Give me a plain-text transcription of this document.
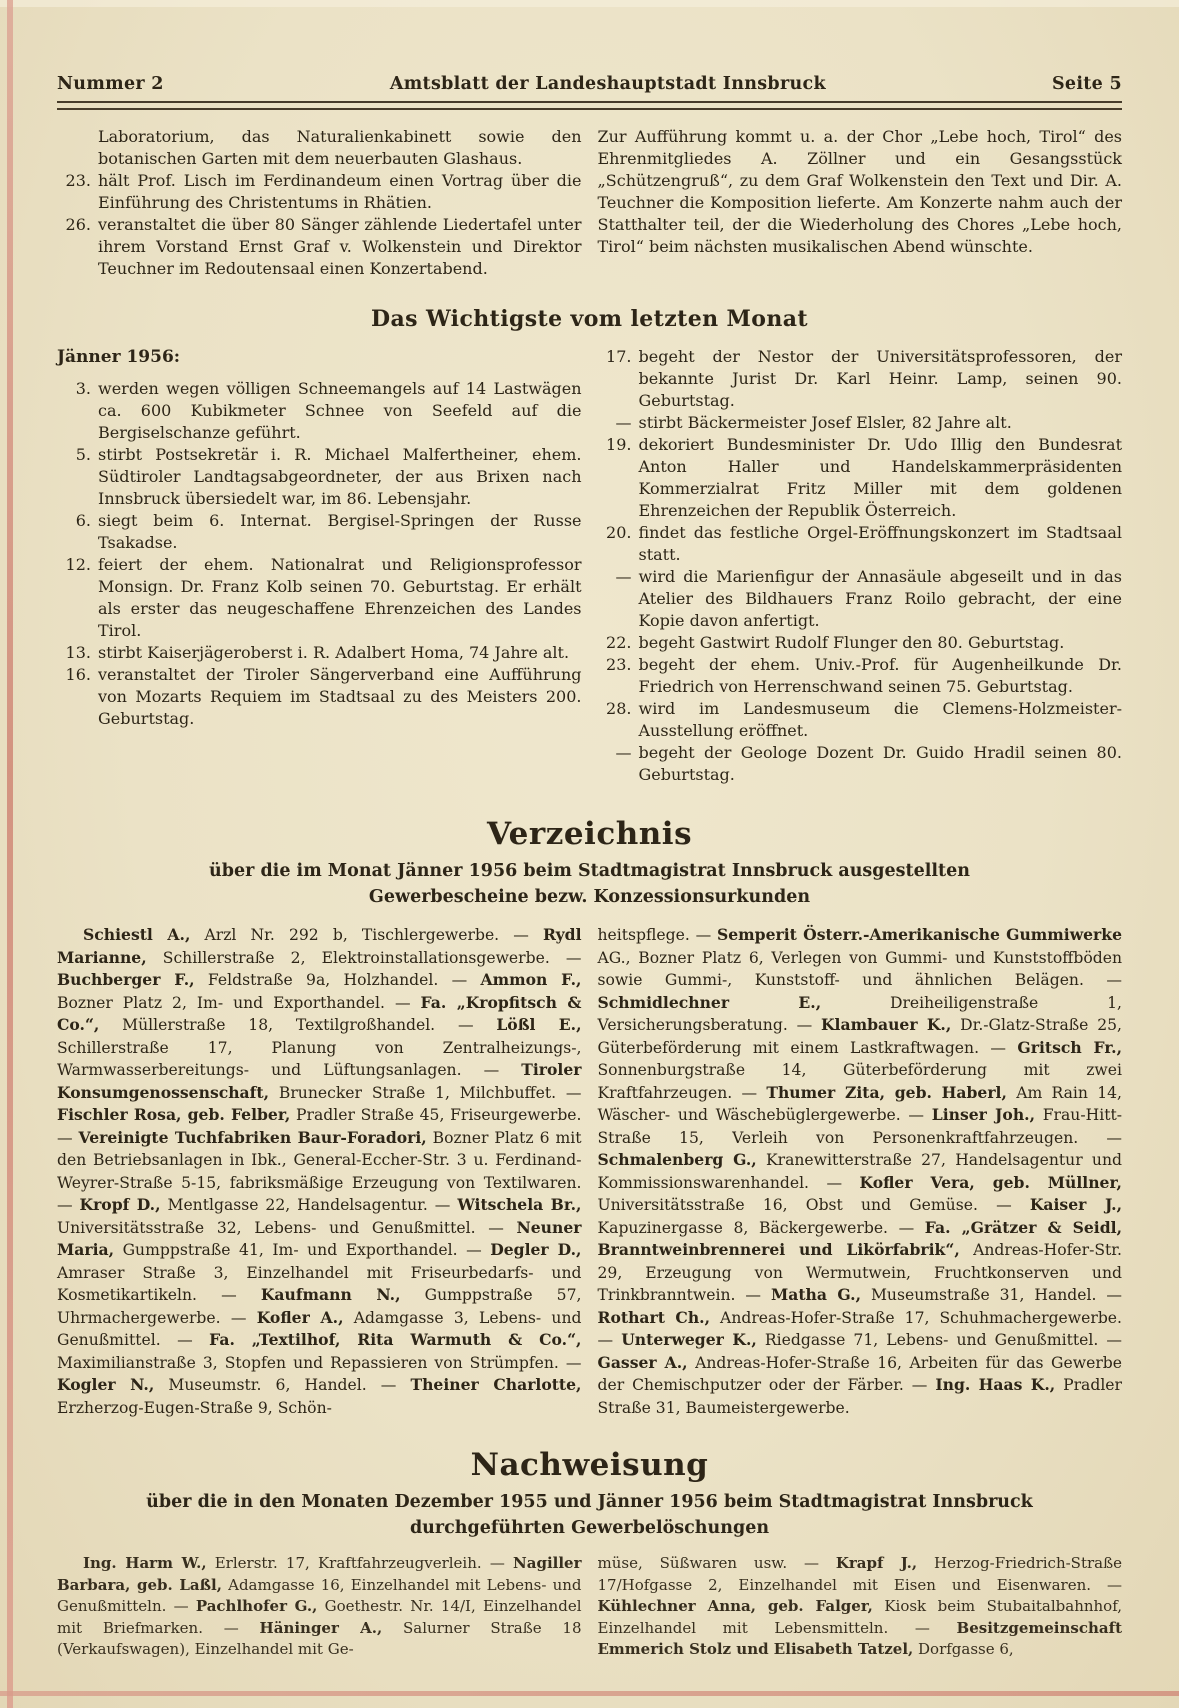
Nummer 2	Amtsblatt der Landeshauptstadt Innsbruck	Seite 5

Laboratorium, das Naturalienkabinett sowie den botanischen Garten mit dem neuerbauten Glashaus.

23. hält Prof. Lisch im Ferdinandeum einen Vortrag über die Einführung des Christentums in Rhätien.

26. veranstaltet die über 80 Sänger zählende Liedertafel unter ihrem Vorstand Ernst Graf v. Wolkenstein und Direktor Teuchner im Redoutensaal einen Konzertabend.

Zur Aufführung kommt u. a. der Chor „Lebe hoch, Tirol“ des Ehrenmitgliedes A. Zöllner und ein Gesangsstück „Schützengruß“, zu dem Graf Wolkenstein den Text und Dir. A. Teuchner die Komposition lieferte. Am Konzerte nahm auch der Statthalter teil, der die Wiederholung des Chores „Lebe hoch, Tirol“ beim nächsten musikalischen Abend wünschte.

Das Wichtigste vom letzten Monat
Jänner 1956:
3. werden wegen völligen Schneemangels auf 14 Lastwägen ca. 600 Kubikmeter Schnee von Seefeld auf die Bergiselschanze geführt.

5. stirbt Postsekretär i. R. Michael Malfertheiner, ehem. Südtiroler Landtagsabgeordneter, der aus Brixen nach Innsbruck übersiedelt war, im 86. Lebensjahr.

6. siegt beim 6. Internat. Bergisel-Springen der Russe Tsakadse.

12. feiert der ehem. Nationalrat und Religionsprofessor Monsign. Dr. Franz Kolb seinen 70. Geburtstag. Er erhält als erster das neugeschaffene Ehrenzeichen des Landes Tirol.

13. stirbt Kaiserjägeroberst i. R. Adalbert Homa, 74 Jahre alt.

16. veranstaltet der Tiroler Sängerverband eine Aufführung von Mozarts Requiem im Stadtsaal zu des Meisters 200. Geburtstag.

17. begeht der Nestor der Universitätsprofessoren, der bekannte Jurist Dr. Karl Heinr. Lamp, seinen 90. Geburtstag.

— stirbt Bäckermeister Josef Elsler, 82 Jahre alt.

19. dekoriert Bundesminister Dr. Udo Illig den Bundesrat Anton Haller und Handelskammerpräsidenten Kommerzialrat Fritz Miller mit dem goldenen Ehrenzeichen der Republik Österreich.

20. findet das festliche Orgel-Eröffnungskonzert im Stadtsaal statt.

— wird die Marienfigur der Annasäule abgeseilt und in das Atelier des Bildhauers Franz Roilo gebracht, der eine Kopie davon anfertigt.

22. begeht Gastwirt Rudolf Flunger den 80. Geburtstag.

23. begeht der ehem. Univ.-Prof. für Augenheilkunde Dr. Friedrich von Herrenschwand seinen 75. Geburtstag.

28. wird im Landesmuseum die Clemens-Holzmeister-Ausstellung eröffnet.

— begeht der Geologe Dozent Dr. Guido Hradil seinen 80. Geburtstag.

Verzeichnis
über die im Monat Jänner 1956 beim Stadtmagistrat Innsbruck ausgestellten
Gewerbescheine bezw. Konzessionsurkunden

Schiestl A., Arzl Nr. 292 b, Tischlergewerbe. — Rydl Marianne, Schillerstraße 2, Elektroinstallationsgewerbe. — Buchberger F., Feldstraße 9a, Holzhandel. — Ammon F., Bozner Platz 2, Im- und Exporthandel. — Fa. „Kropfitsch & Co.“, Müllerstraße 18, Textilgroßhandel. — Lößl E., Schillerstraße 17, Planung von Zentralheizungs-, Warmwasserbereitungs- und Lüftungsanlagen. — Tiroler Konsumgenossenschaft, Brunecker Straße 1, Milchbuffet. — Fischler Rosa, geb. Felber, Pradler Straße 45, Friseurgewerbe. — Vereinigte Tuchfabriken Baur-Foradori, Bozner Platz 6 mit den Betriebsanlagen in Ibk., General-Eccher-Str. 3 u. Ferdinand-Weyrer-Straße 5-15, fabriksmäßige Erzeugung von Textilwaren. — Kropf D., Mentlgasse 22, Handelsagentur. — Witschela Br., Universitätsstraße 32, Lebens- und Genußmittel. — Neuner Maria, Gumppstraße 41, Im- und Exporthandel. — Degler D., Amraser Straße 3, Einzelhandel mit Friseurbedarfs- und Kosmetikartikeln. — Kaufmann N., Gumppstraße 57, Uhrmachergewerbe. — Kofler A., Adamgasse 3, Lebens- und Genußmittel. — Fa. „Textilhof, Rita Warmuth & Co.“, Maximilianstraße 3, Stopfen und Repassieren von Strümpfen. — Kogler N., Museumstr. 6, Handel. — Theiner Charlotte, Erzherzog-Eugen-Straße 9, Schön-

heitspflege. — Semperit Österr.-Amerikanische Gummiwerke AG., Bozner Platz 6, Verlegen von Gummi- und Kunststoffböden sowie Gummi-, Kunststoff- und ähnlichen Belägen. — Schmidlechner E., Dreiheiligenstraße 1, Versicherungsberatung. — Klambauer K., Dr.-Glatz-Straße 25, Güterbeförderung mit einem Lastkraftwagen. — Gritsch Fr., Sonnenburgstraße 14, Güterbeförderung mit zwei Kraftfahrzeugen. — Thumer Zita, geb. Haberl, Am Rain 14, Wäscher- und Wäschebüglergewerbe. — Linser Joh., Frau-Hitt-Straße 15, Verleih von Personenkraftfahrzeugen. — Schmalenberg G., Kranewitterstraße 27, Handelsagentur und Kommissionswarenhandel. — Kofler Vera, geb. Müllner, Universitätsstraße 16, Obst und Gemüse. — Kaiser J., Kapuzinergasse 8, Bäckergewerbe. — Fa. „Grätzer & Seidl, Branntweinbrennerei und Likörfabrik“, Andreas-Hofer-Str. 29, Erzeugung von Wermutwein, Fruchtkonserven und Trinkbranntwein. — Matha G., Museumstraße 31, Handel. — Rothart Ch., Andreas-Hofer-Straße 17, Schuhmachergewerbe. — Unterweger K., Riedgasse 71, Lebens- und Genußmittel. — Gasser A., Andreas-Hofer-Straße 16, Arbeiten für das Gewerbe der Chemischputzer oder der Färber. — Ing. Haas K., Pradler Straße 31, Baumeistergewerbe.

Nachweisung
über die in den Monaten Dezember 1955 und Jänner 1956 beim Stadtmagistrat Innsbruck
durchgeführten Gewerbelöschungen

Ing. Harm W., Erlerstr. 17, Kraftfahrzeugverleih. — Nagiller Barbara, geb. Laßl, Adamgasse 16, Einzelhandel mit Lebens- und Genußmitteln. — Pachlhofer G., Goethestr. Nr. 14/I, Einzelhandel mit Briefmarken. — Häninger A., Salurner Straße 18 (Verkaufswagen), Einzelhandel mit Ge-

müse, Süßwaren usw. — Krapf J., Herzog-Friedrich-Straße 17/Hofgasse 2, Einzelhandel mit Eisen und Eisenwaren. — Kühlechner Anna, geb. Falger, Kiosk beim Stubaitalbahnhof, Einzelhandel mit Lebensmitteln. — Besitzgemeinschaft Emmerich Stolz und Elisabeth Tatzel, Dorfgasse 6,
